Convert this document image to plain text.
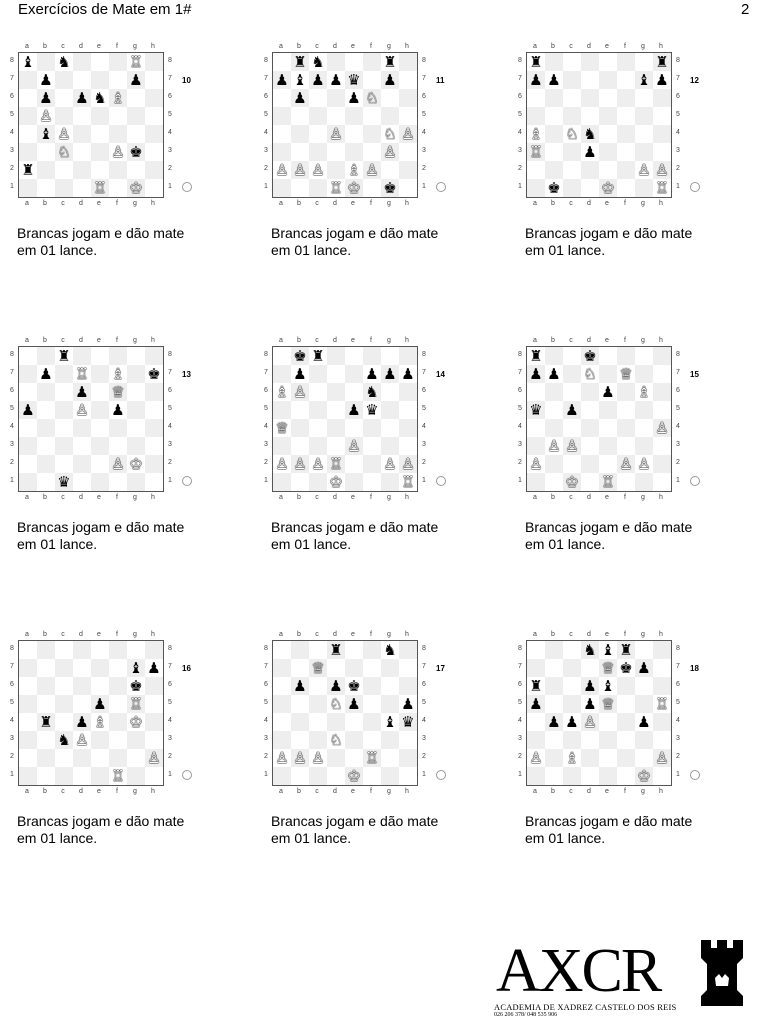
Exercícios de Mate em 1#	2
a	b	c	d	e	f	g	h
a	b	c	d	e	f	g	h
8
7
6
5
4
3
2
1
8
7
6
5
4
3
2
1
♝ ♞	♖
♟	♟
♟ ♟ ♞ ♗
♙
♝ ♙
♘	♙ ♚
♜
♖ ♔
10
Brancas jogam e dão mate
em 01 lance.
a	b	c	d	e	f	g	h
a	b	c	d	e	f	g	h
8
7
6
5
4
3
2
1
8
7
6
5
4
3
2
1
♜
♟ ♖ ♗ ♚
♟ ♕
♟	♙ ♟
♙ ♔
♛
13
Brancas jogam e dão mate
em 01 lance.
a	b	c	d	e	f	g	h
a	b	c	d	e	f	g	h
8
7
6
5
4
3
2
1
8
7
6
5
4
3
2
1
♝ ♟
♚
♟ ♖
♜ ♟ ♗ ♔
♞ ♙
♙
♖
16
Brancas jogam e dão mate
em 01 lance.
a	b	c	d	e	f	g	h
a	b	c	d	e	f	g	h
8
7
6
5
4
3
2
1
8
7
6
5
4
3
2
1
♜ ♞	♜
♟ ♝ ♟ ♟ ♛ ♟
♟	♟ ♘
♙	♘ ♙
♙
♙ ♙ ♙ ♗ ♙
♖ ♔ ♚
11
Brancas jogam e dão mate
em 01 lance.
a	b	c	d	e	f	g	h
a	b	c	d	e	f	g	h
8
7
6
5
4
3
2
1
8
7
6
5
4
3
2
1
♚ ♜
♟	♟ ♟ ♟
♗ ♙	♞
♟ ♛
♕
♙
♙ ♙ ♙ ♖	♙ ♙
♔	♖
14
Brancas jogam e dão mate
em 01 lance.
a	b	c	d	e	f	g	h
a	b	c	d	e	f	g	h
8
7
6
5
4
3
2
1
8
7
6
5
4
3
2
1
♜	♞
♕
♟ ♟ ♚
♘ ♟	♟
♝ ♛
♘
♙ ♙ ♙	♖
♔
17
Brancas jogam e dão mate
em 01 lance.
a	b	c	d	e	f	g	h
a	b	c	d	e	f	g	h
8
7
6
5
4
3
2
1
8
7
6
5
4
3
2
1
♜	♜
♟ ♟	♝ ♟
♗ ♘ ♞
♖	♟
♙ ♙
♚	♔	♖
12
Brancas jogam e dão mate
em 01 lance.
a	b	c	d	e	f	g	h
a	b	c	d	e	f	g	h
8
7
6
5
4
3
2
1
8
7
6
5
4
3
2
1
♜	♚
♟ ♟ ♘ ♕
♟ ♗
♛ ♟
♙
♙ ♙
♙	♙ ♙
♔ ♖
15
Brancas jogam e dão mate
em 01 lance.
a	b	c	d	e	f	g	h
a	b	c	d	e	f	g	h
8
7
6
5
4
3
2
1
8
7
6
5
4
3
2
1
♞ ♝ ♜
♕ ♚ ♟
♜	♟ ♝
♟	♟ ♕	♖
♟ ♟ ♙	♟
♙ ♗	♙
♔
18
Brancas jogam e dão mate
em 01 lance.
AXCR
ACADEMIA DE XADREZ CASTELO DOS REIS
026 206 378/ 048 535 906
